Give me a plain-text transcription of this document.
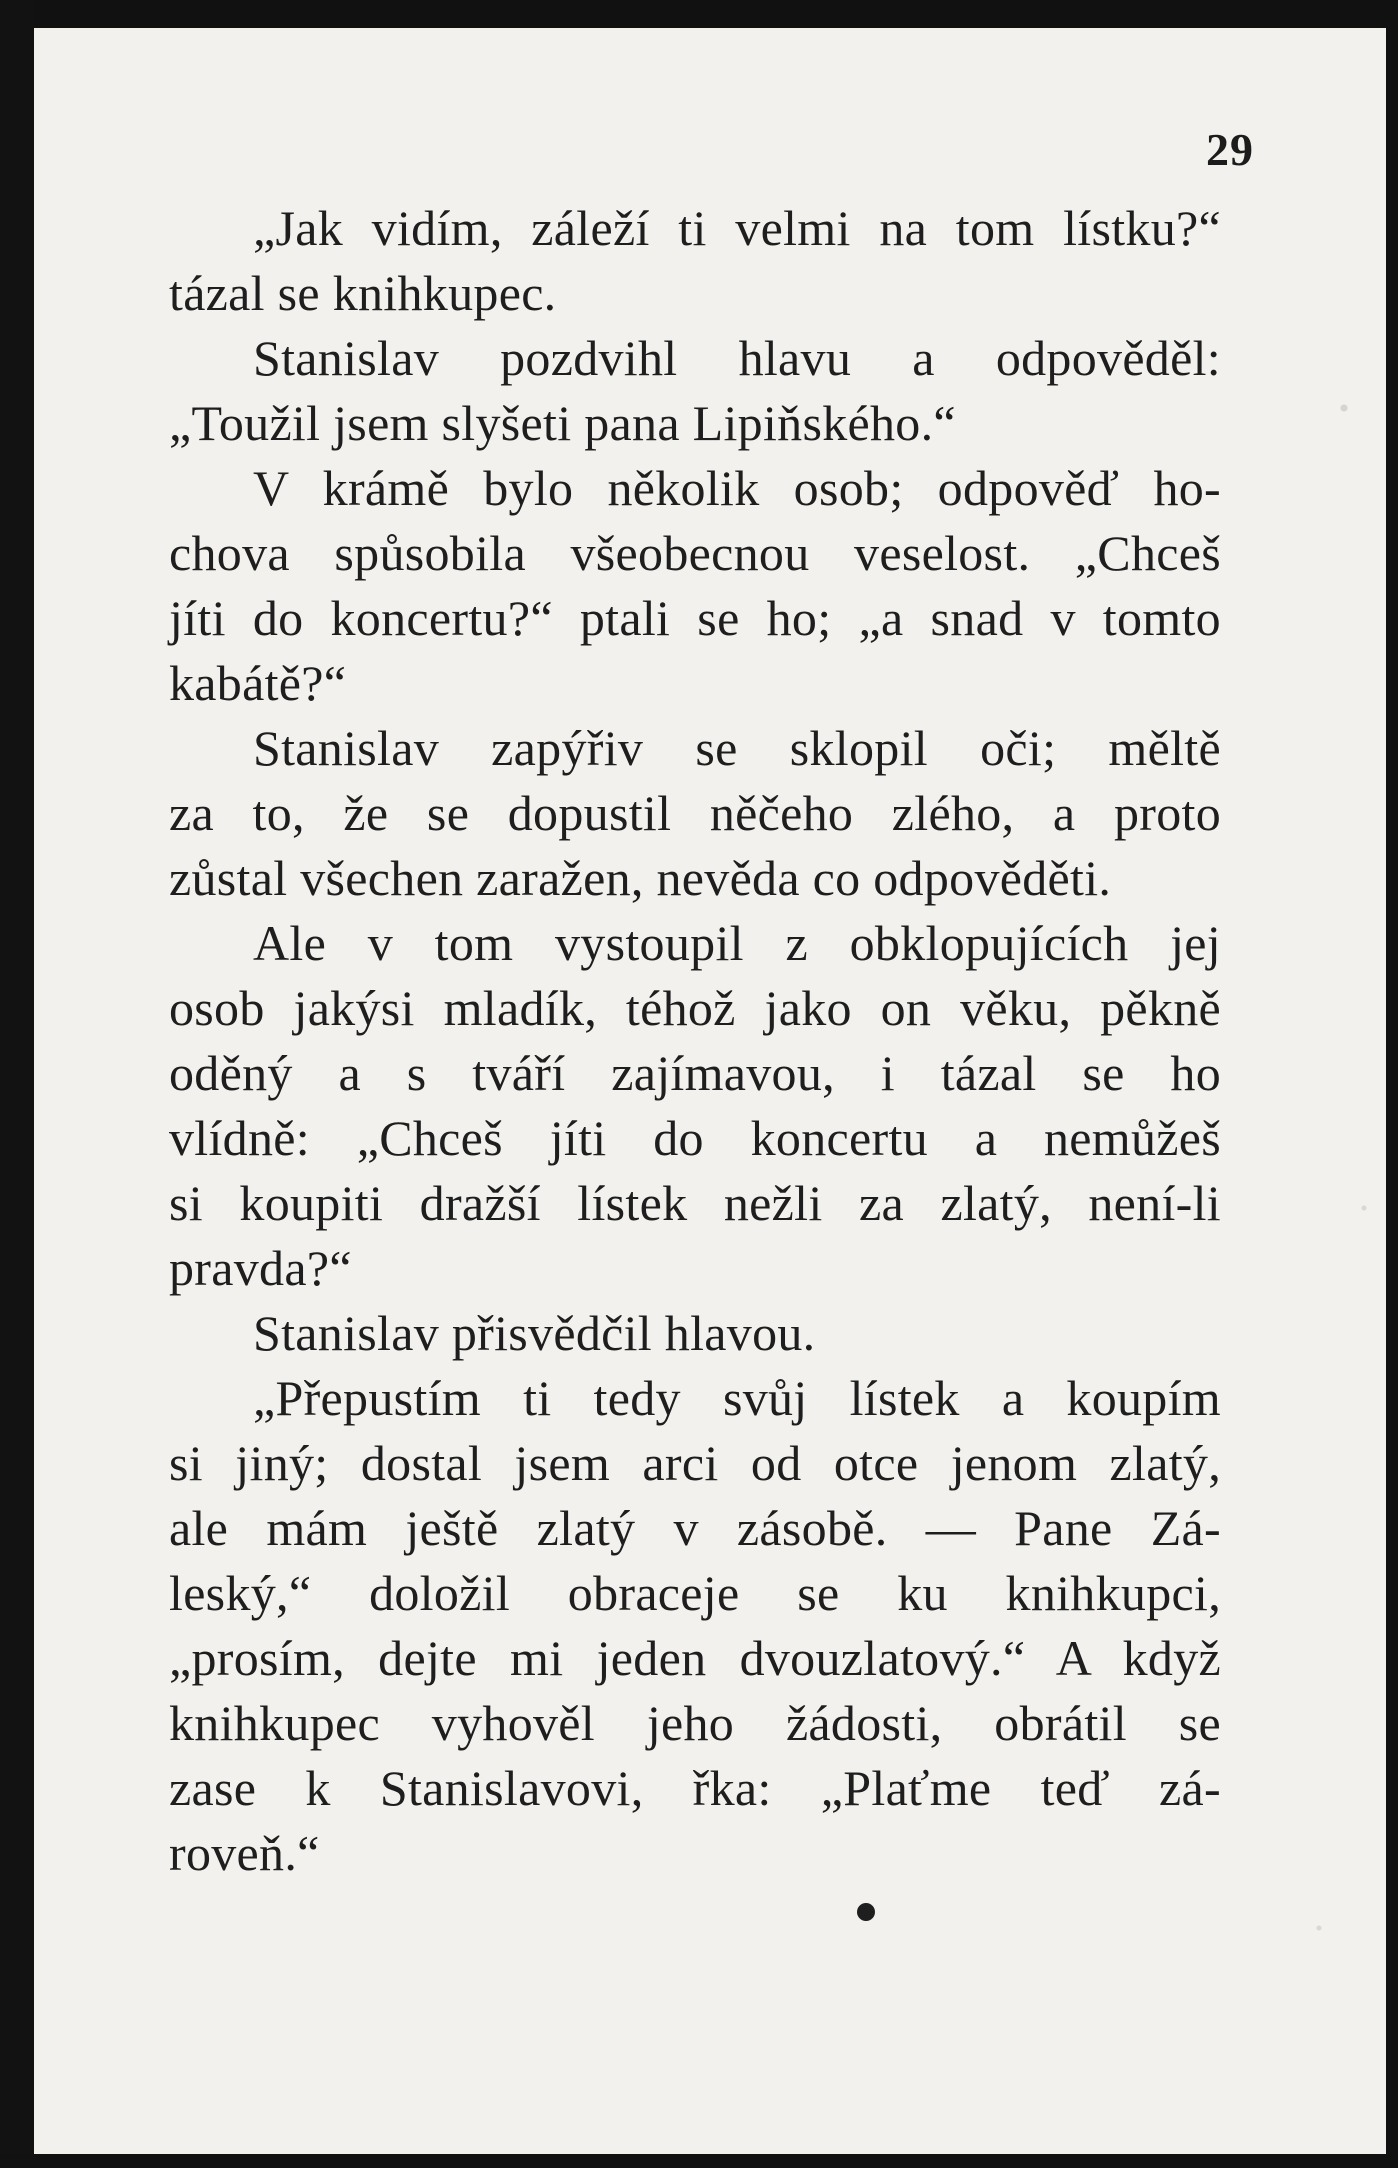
29
„Jak vidím, záleží ti velmi na tom lístku?“
tázal se knihkupec.
Stanislav pozdvihl hlavu a odpověděl:
„Toužil jsem slyšeti pana Lipiňského.“
V krámě bylo několik osob; odpověď ho-
chova spůsobila všeobecnou veselost. „Chceš
jíti do koncertu?“ ptali se ho; „a snad v tomto
kabátě?“
Stanislav zapýřiv se sklopil oči; měltě
za to, že se dopustil něčeho zlého, a proto
zůstal všechen zaražen, nevěda co odpověděti.
Ale v tom vystoupil z obklopujících jej
osob jakýsi mladík, téhož jako on věku, pěkně
oděný a s tváří zajímavou, i tázal se ho
vlídně: „Chceš jíti do koncertu a nemůžeš
si koupiti dražší lístek nežli za zlatý, není-li
pravda?“
Stanislav přisvědčil hlavou.
„Přepustím ti tedy svůj lístek a koupím
si jiný; dostal jsem arci od otce jenom zlatý,
ale mám ještě zlatý v zásobě. — Pane Zá-
leský,“ doložil obraceje se ku knihkupci,
„prosím, dejte mi jeden dvouzlatový.“ A když
knihkupec vyhověl jeho žádosti, obrátil se
zase k Stanislavovi, řka: „Plaťme teď zá-
roveň.“
